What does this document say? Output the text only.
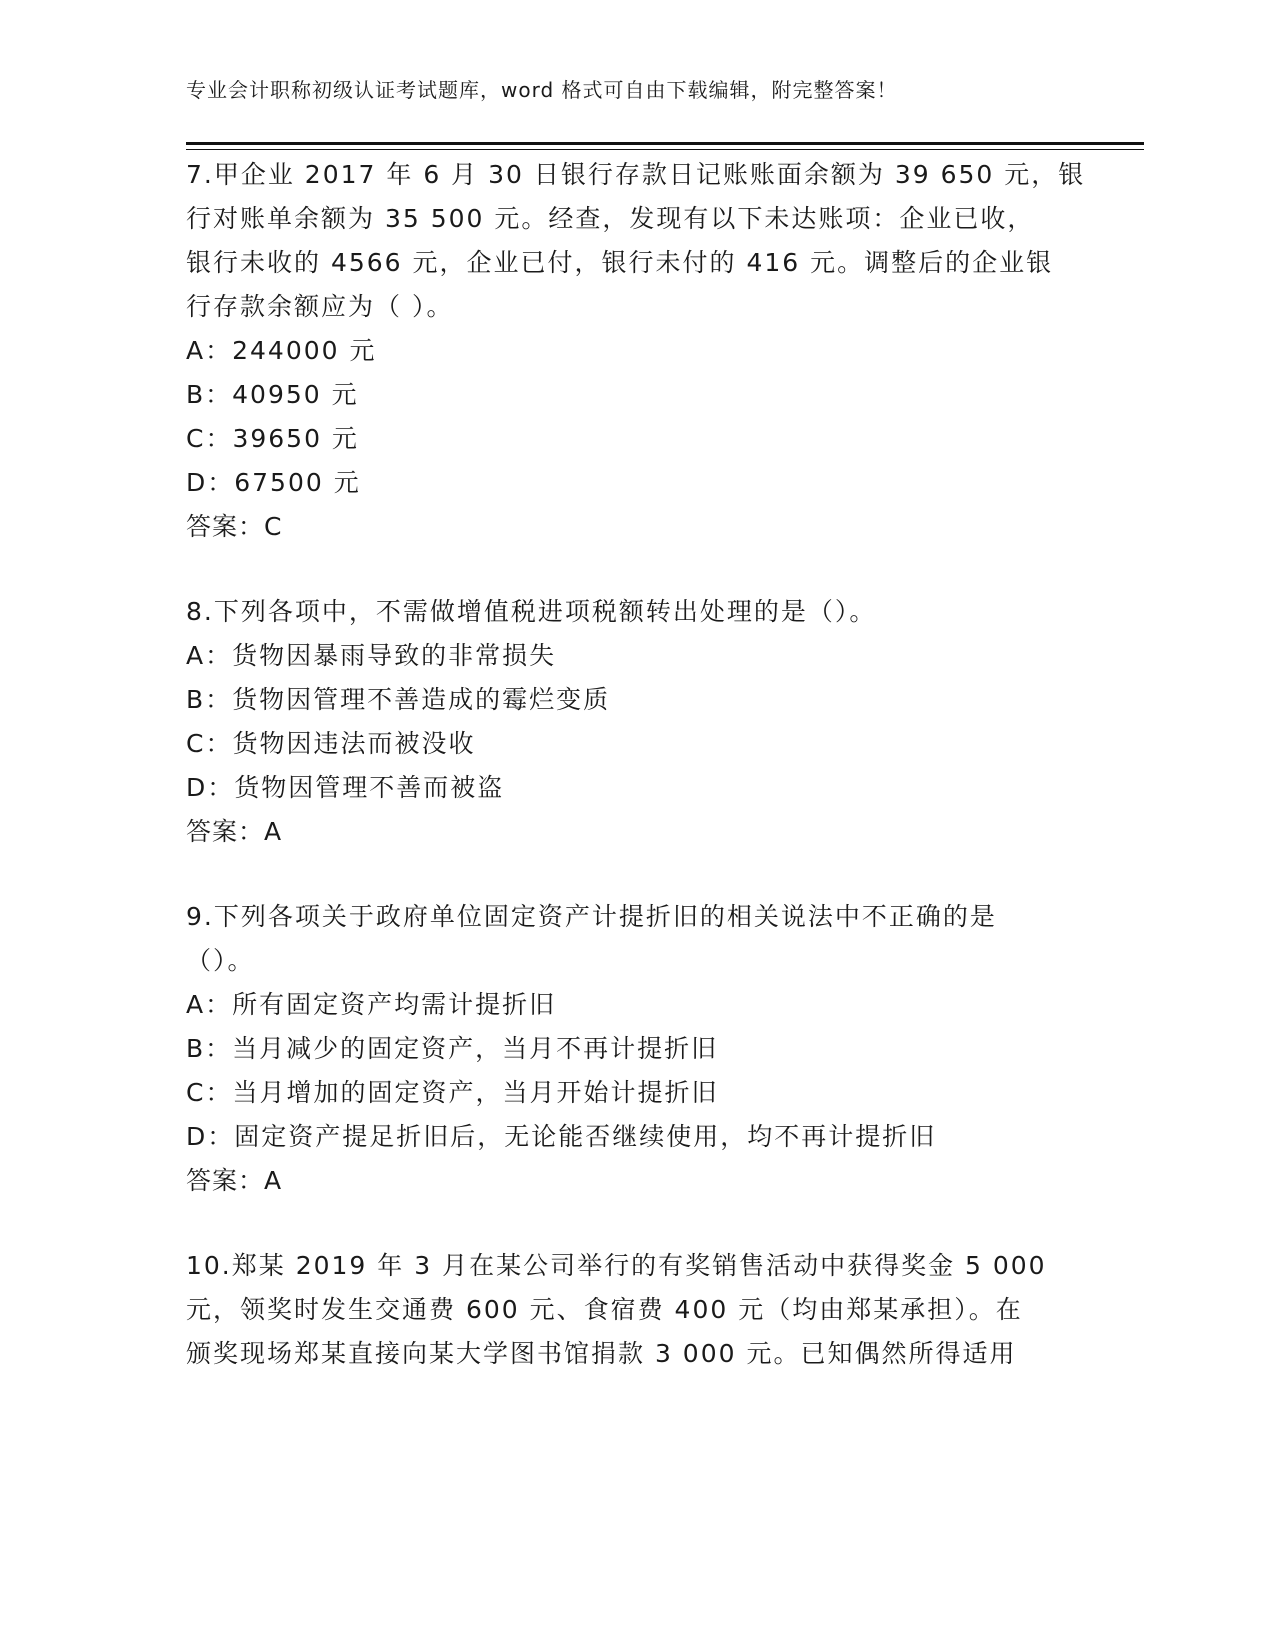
专业会计职称初级认证考试题库，word 格式可自由下载编辑，附完整答案！
7.甲企业 2017 年 6 月 30 日银行存款日记账账面余额为 39 650 元，银
行对账单余额为 35 500 元。经查，发现有以下未达账项：企业已收，
银行未收的 4566 元，企业已付，银行未付的 416 元。调整后的企业银
行存款余额应为（ ）。
A：244000 元
B：40950 元
C：39650 元
D：67500 元
答案：C
8.下列各项中，不需做增值税进项税额转出处理的是（）。
A：货物因暴雨导致的非常损失
B：货物因管理不善造成的霉烂变质
C：货物因违法而被没收
D：货物因管理不善而被盗
答案：A
9.下列各项关于政府单位固定资产计提折旧的相关说法中不正确的是
（）。
A：所有固定资产均需计提折旧
B：当月减少的固定资产，当月不再计提折旧
C：当月增加的固定资产，当月开始计提折旧
D：固定资产提足折旧后，无论能否继续使用，均不再计提折旧
答案：A
10.郑某 2019 年 3 月在某公司举行的有奖销售活动中获得奖金 5 000
元，领奖时发生交通费 600 元、食宿费 400 元（均由郑某承担）。在
颁奖现场郑某直接向某大学图书馆捐款 3 000 元。已知偶然所得适用
